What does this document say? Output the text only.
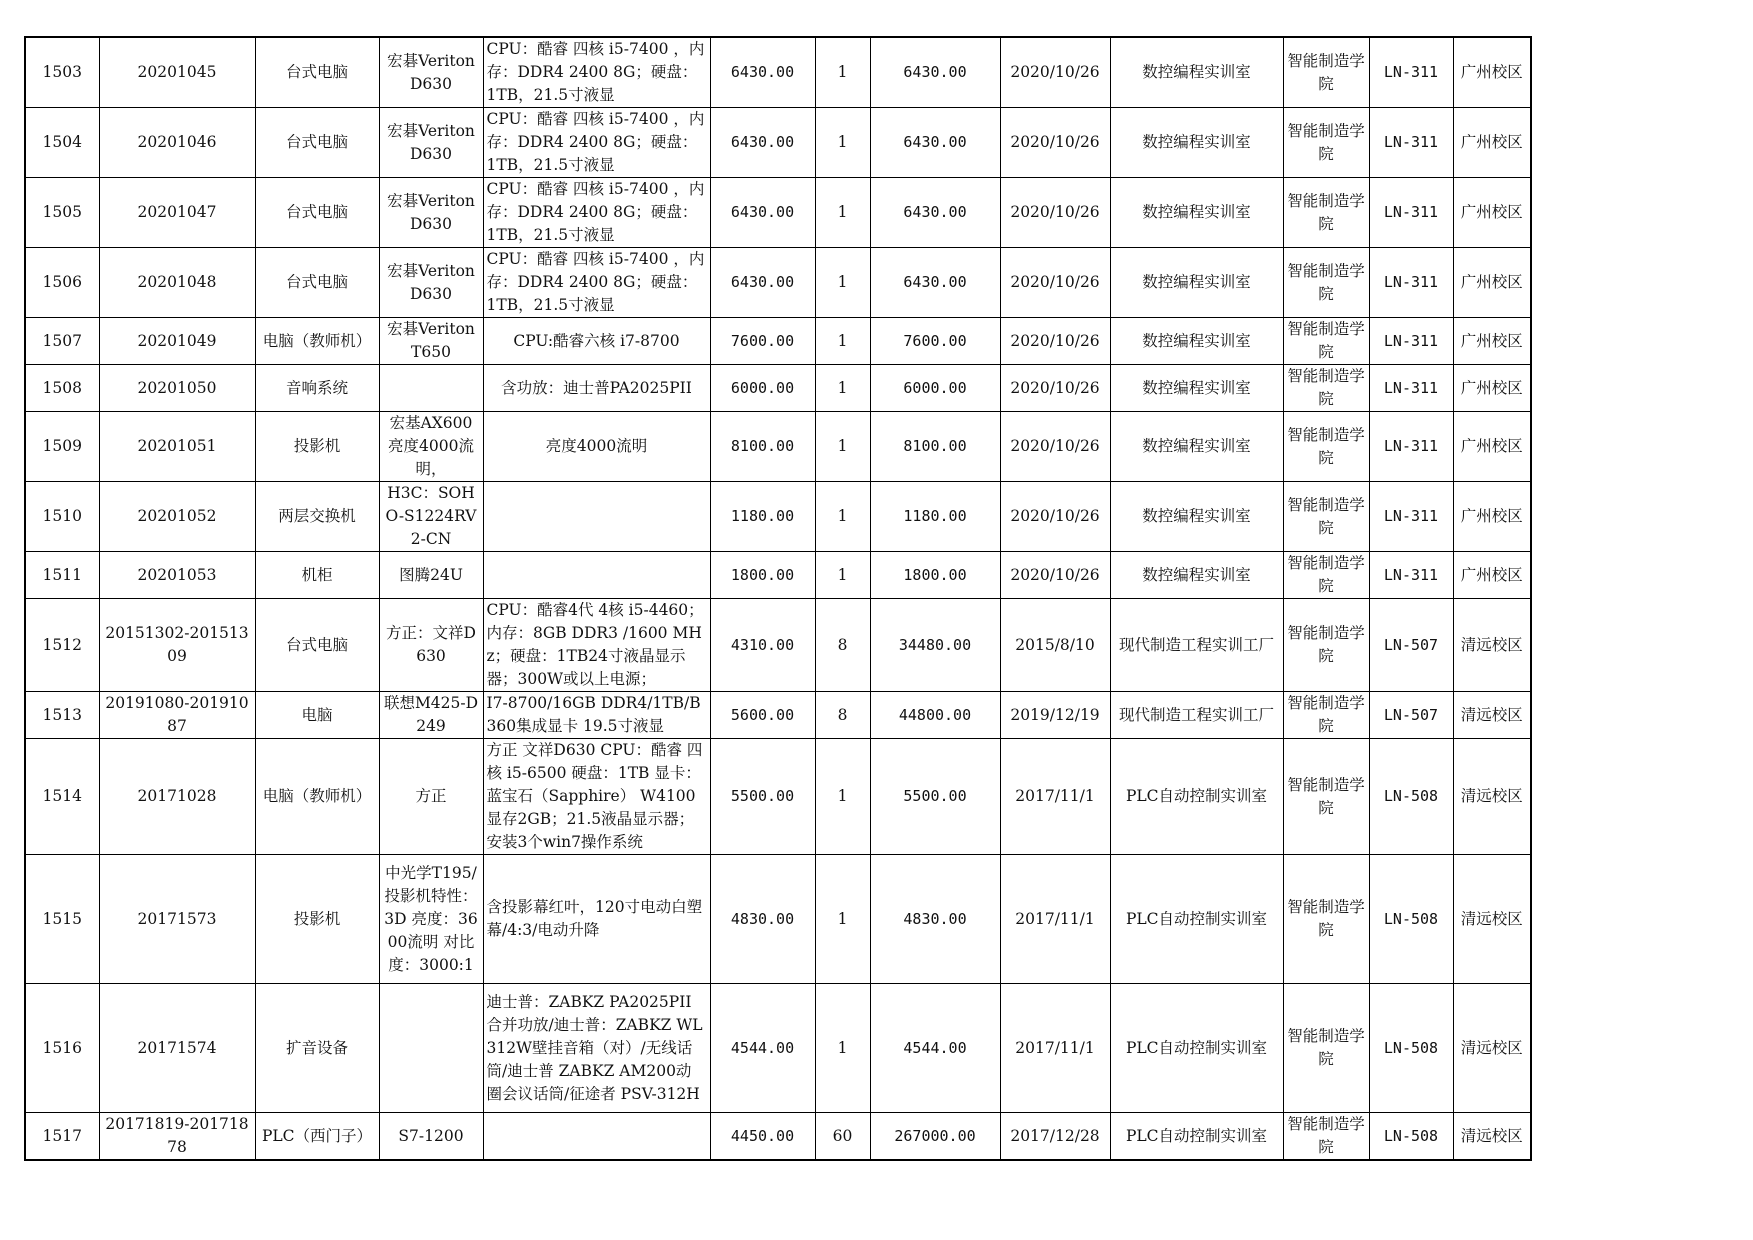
1503	20201045	台式电脑	宏碁Veriton D630	CPU：酷睿 四核 i5-7400 ，内存：DDR4 2400 8G；硬盘：1TB，21.5寸液显	6430.00	1	6430.00	2020/10/26	数控编程实训室	智能制造学院	LN-311	广州校区
1504	20201046	台式电脑	宏碁Veriton D630	CPU：酷睿 四核 i5-7400 ，内存：DDR4 2400 8G；硬盘：1TB，21.5寸液显	6430.00	1	6430.00	2020/10/26	数控编程实训室	智能制造学院	LN-311	广州校区
1505	20201047	台式电脑	宏碁Veriton D630	CPU：酷睿 四核 i5-7400 ，内存：DDR4 2400 8G；硬盘：1TB，21.5寸液显	6430.00	1	6430.00	2020/10/26	数控编程实训室	智能制造学院	LN-311	广州校区
1506	20201048	台式电脑	宏碁Veriton D630	CPU：酷睿 四核 i5-7400 ，内存：DDR4 2400 8G；硬盘：1TB，21.5寸液显	6430.00	1	6430.00	2020/10/26	数控编程实训室	智能制造学院	LN-311	广州校区
1507	20201049	电脑（教师机）	宏碁Veriton T650	CPU:酷睿六核 i7-8700	7600.00	1	7600.00	2020/10/26	数控编程实训室	智能制造学院	LN-311	广州校区
1508	20201050	音响系统		含功放：迪士普PA2025PII	6000.00	1	6000.00	2020/10/26	数控编程实训室	智能制造学院	LN-311	广州校区
1509	20201051	投影机	宏基AX600亮度4000流明，	亮度4000流明	8100.00	1	8100.00	2020/10/26	数控编程实训室	智能制造学院	LN-311	广州校区
1510	20201052	两层交换机	H3C：SOHO-S1224RV2-CN		1180.00	1	1180.00	2020/10/26	数控编程实训室	智能制造学院	LN-311	广州校区
1511	20201053	机柜	图腾24U		1800.00	1	1800.00	2020/10/26	数控编程实训室	智能制造学院	LN-311	广州校区
1512	20151302-20151309	台式电脑	方正：文祥D630	CPU：酷睿4代 4核 i5-4460；内存：8GB DDR3 /1600 MHz；硬盘：1TB24寸液晶显示器；300W或以上电源；	4310.00	8	34480.00	2015/8/10	现代制造工程实训工厂	智能制造学院	LN-507	清远校区
1513	20191080-20191087	电脑	联想M425-D249	I7-8700/16GB DDR4/1TB/B360集成显卡 19.5寸液显	5600.00	8	44800.00	2019/12/19	现代制造工程实训工厂	智能制造学院	LN-507	清远校区
1514	20171028	电脑（教师机）	方正	方正 文祥D630 CPU：酷睿 四核 i5-6500 硬盘：1TB 显卡：蓝宝石（Sapphire） W4100 显存2GB；21.5液晶显示器；安装3个win7操作系统	5500.00	1	5500.00	2017/11/1	PLC自动控制实训室	智能制造学院	LN-508	清远校区
1515	20171573	投影机	中光学T195/投影机特性：3D 亮度：3600流明 对比度：3000:1	含投影幕红叶，120寸电动白塑幕/4:3/电动升降	4830.00	1	4830.00	2017/11/1	PLC自动控制实训室	智能制造学院	LN-508	清远校区
1516	20171574	扩音设备		迪士普：ZABKZ PA2025PII合并功放/迪士普：ZABKZ WL312W壁挂音箱（对）/无线话筒/迪士普 ZABKZ AM200动圈会议话筒/征途者 PSV-312H	4544.00	1	4544.00	2017/11/1	PLC自动控制实训室	智能制造学院	LN-508	清远校区
1517	20171819-20171878	PLC（西门子）	S7-1200		4450.00	60	267000.00	2017/12/28	PLC自动控制实训室	智能制造学院	LN-508	清远校区
